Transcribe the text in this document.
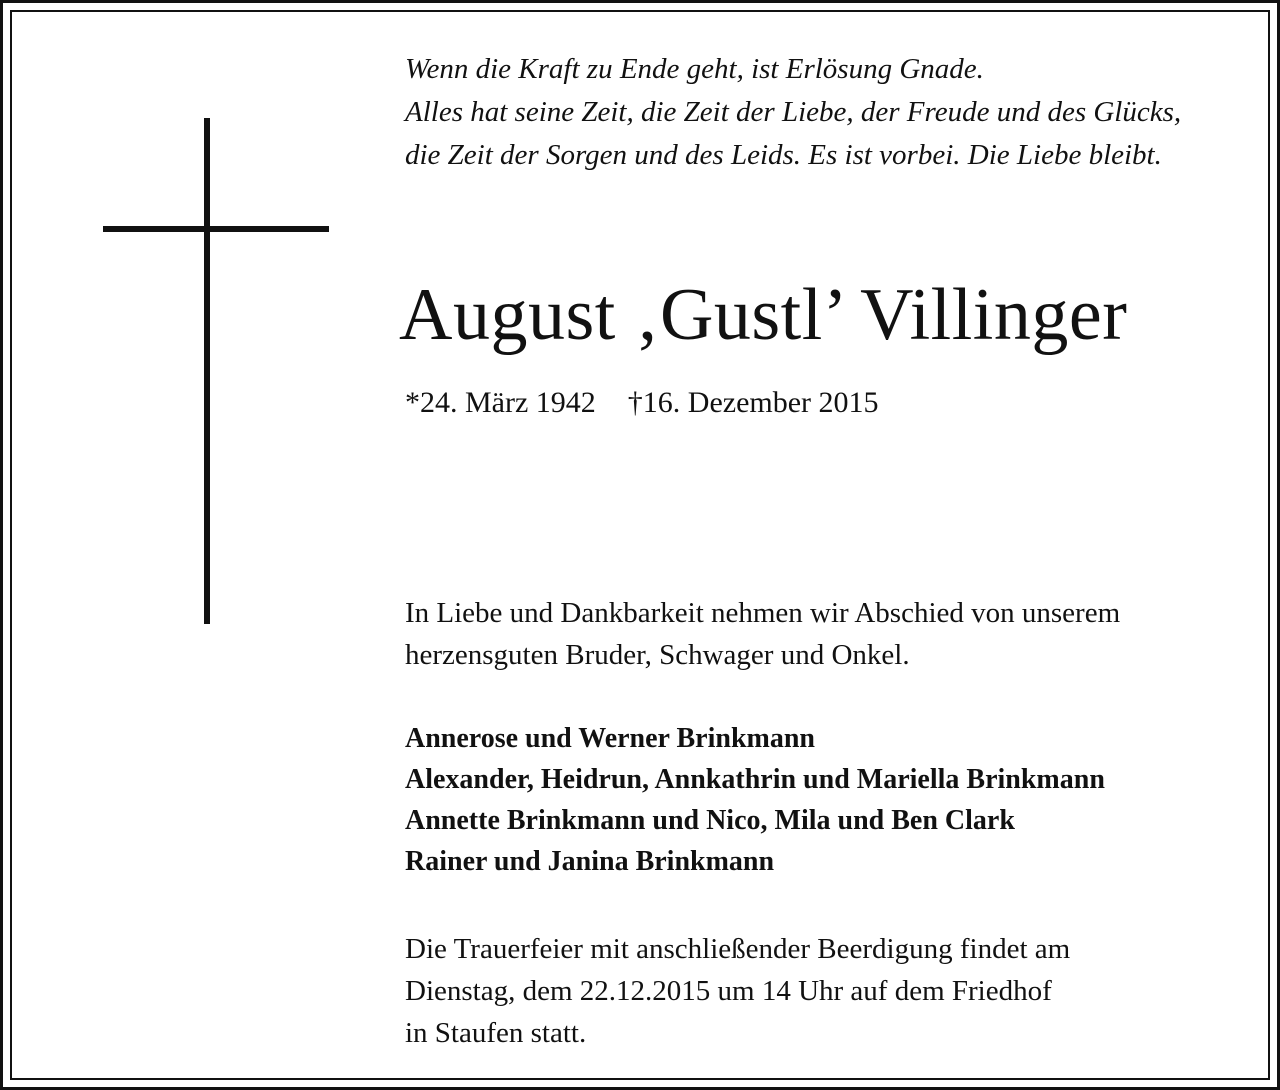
Wenn die Kraft zu Ende geht, ist Erlösung Gnade.
Alles hat seine Zeit, die Zeit der Liebe, der Freude und des Glücks,
die Zeit der Sorgen und des Leids. Es ist vorbei. Die Liebe bleibt.
August ‚Gustl’ Villinger
*24. März 1942 †16. Dezember 2015
In Liebe und Dankbarkeit nehmen wir Abschied von unserem
herzensguten Bruder, Schwager und Onkel.
Annerose und Werner Brinkmann
Alexander, Heidrun, Annkathrin und Mariella Brinkmann
Annette Brinkmann und Nico, Mila und Ben Clark
Rainer und Janina Brinkmann
Die Trauerfeier mit anschließender Beerdigung findet am
Dienstag, dem 22.12.2015 um 14 Uhr auf dem Friedhof
in Staufen statt.
